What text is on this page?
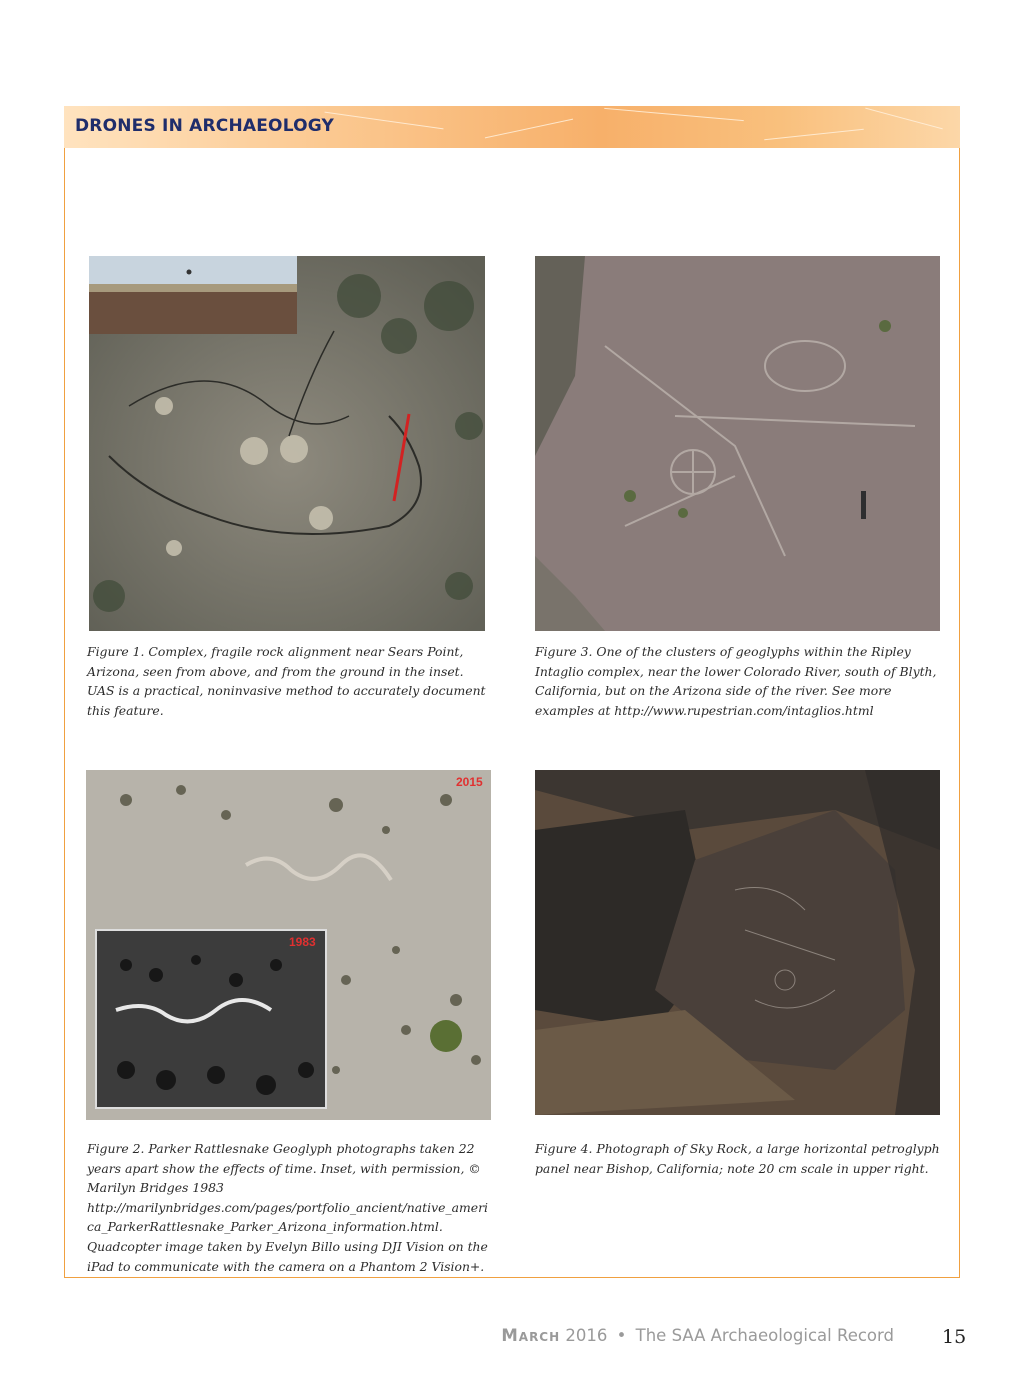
DRONES IN ARCHAEOLOGY
2015
1983

Figure 1. Complex, fragile rock alignment near Sears Point, Arizona, seen from above, and from the ground in the inset. UAS is a practical, noninvasive method to accurately document this feature.

Figure 3. One of the clusters of geoglyphs within the Ripley Intaglio complex, near the lower Colorado River, south of Blyth, California, but on the Arizona side of the river. See more examples at http://www.rupestrian.com/intaglios.html

Figure 2. Parker Rattlesnake Geoglyph photographs taken 22 years apart show the effects of time. Inset, with permission, © Marilyn Bridges 1983 http://marilynbridges.com/pages/portfolio_ancient/native_america_ParkerRattlesnake_Parker_Arizona_information.html. Quadcopter image taken by Evelyn Billo using DJI Vision on the iPad to communicate with the camera on a Phantom 2 Vision+.

Figure 4. Photograph of Sky Rock, a large horizontal petroglyph panel near Bishop, California; note 20 cm scale in upper right.

March 2016 • The SAA Archaeological Record	15
